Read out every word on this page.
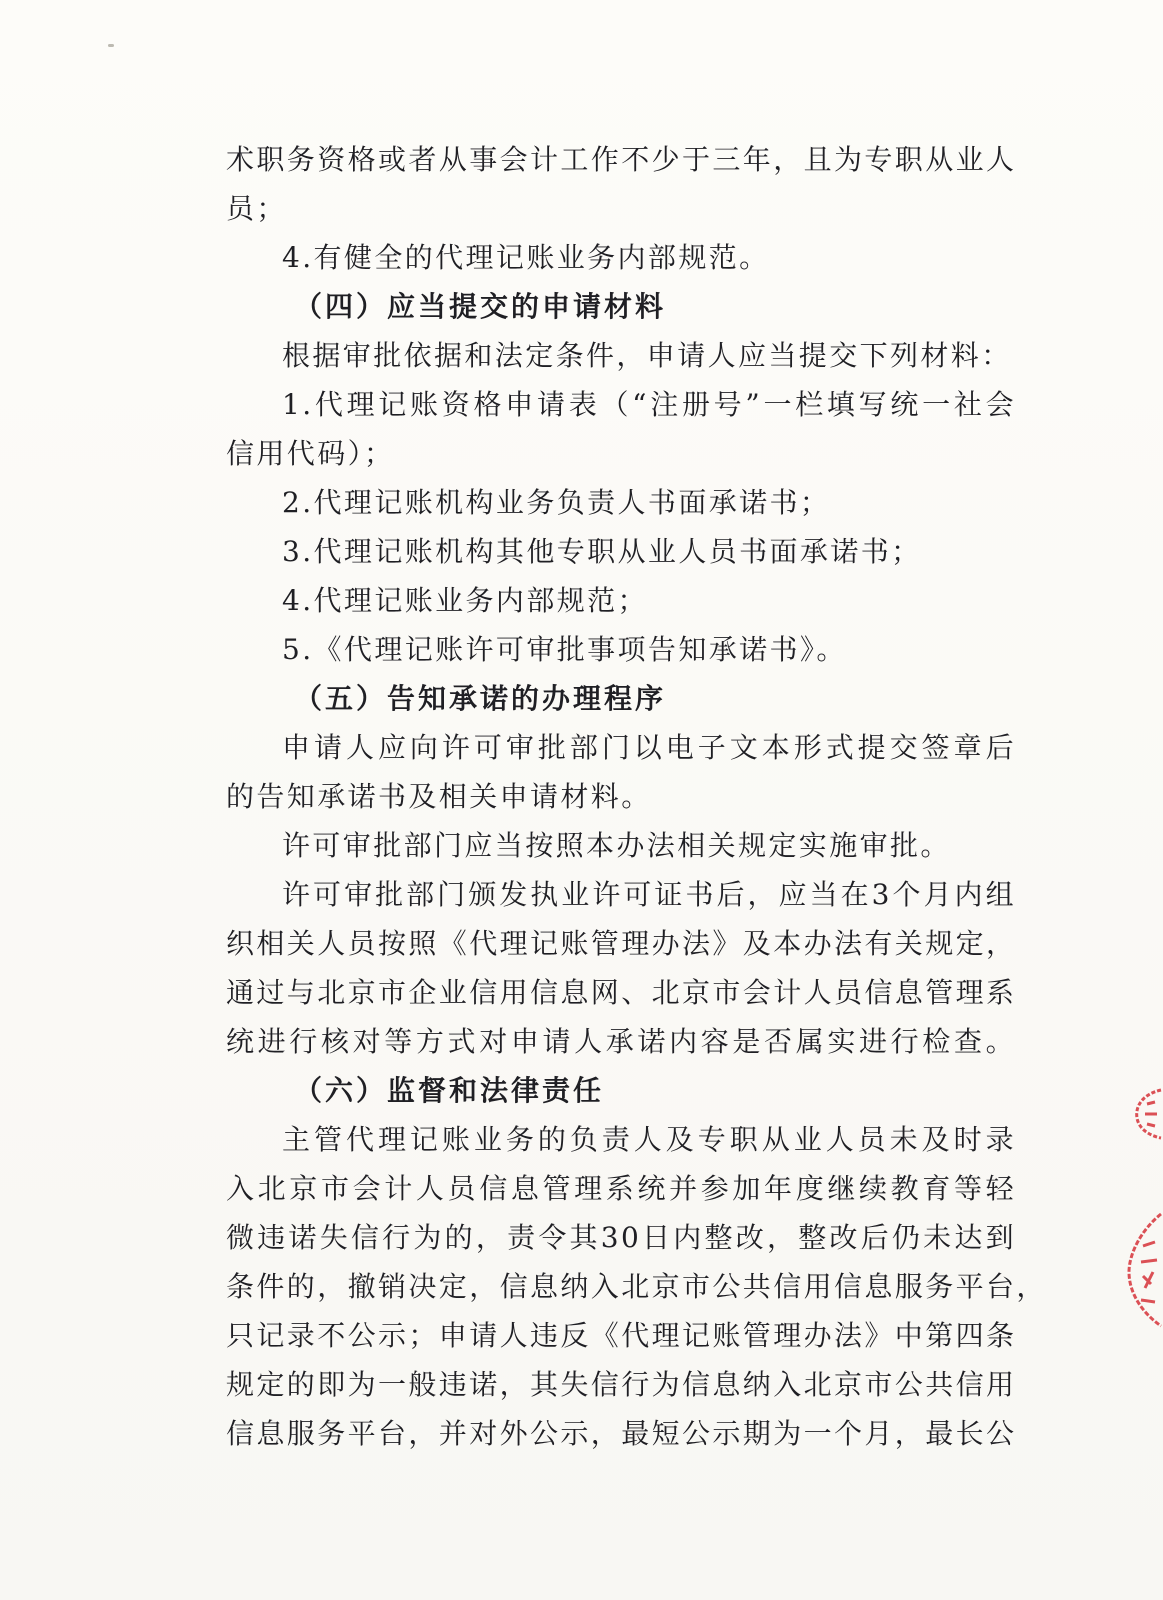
术职务资格或者从事会计工作不少于三年，且为专职从业人
员；
4.有健全的代理记账业务内部规范。
（四）应当提交的申请材料
根据审批依据和法定条件，申请人应当提交下列材料：
1.代理记账资格申请表（“注册号”一栏填写统一社会
信用代码）；
2.代理记账机构业务负责人书面承诺书；
3.代理记账机构其他专职从业人员书面承诺书；
4.代理记账业务内部规范；
5.《代理记账许可审批事项告知承诺书》。
（五）告知承诺的办理程序
申请人应向许可审批部门以电子文本形式提交签章后
的告知承诺书及相关申请材料。
许可审批部门应当按照本办法相关规定实施审批。
许可审批部门颁发执业许可证书后，应当在3个月内组
织相关人员按照《代理记账管理办法》及本办法有关规定，
通过与北京市企业信用信息网、北京市会计人员信息管理系
统进行核对等方式对申请人承诺内容是否属实进行检查。
（六）监督和法律责任
主管代理记账业务的负责人及专职从业人员未及时录
入北京市会计人员信息管理系统并参加年度继续教育等轻
微违诺失信行为的，责令其30日内整改，整改后仍未达到
条件的，撤销决定，信息纳入北京市公共信用信息服务平台，
只记录不公示；申请人违反《代理记账管理办法》中第四条
规定的即为一般违诺，其失信行为信息纳入北京市公共信用
信息服务平台，并对外公示，最短公示期为一个月，最长公
